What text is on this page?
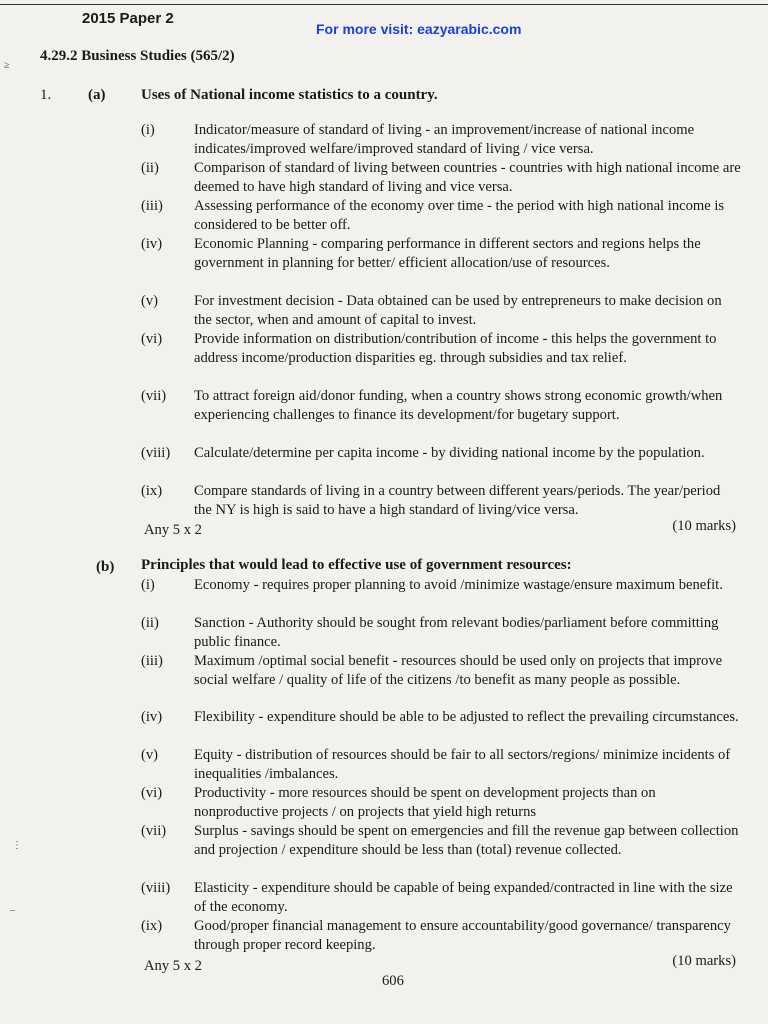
2015 Paper 2
For more visit: eazyarabic.com
4.29.2 Business Studies (565/2)
≥
⋮
–
1. (a) Uses of National income statistics to a country.
(i)	Indicator/measure of standard of living - an improvement/increase of national income indicates/improved welfare/improved standard of living / vice versa.
(ii)	Comparison of standard of living between countries - countries with high national income are deemed to have high standard of living and vice versa.
(iii)	Assessing performance of the economy over time - the period with high national income is considered to be better off.
(iv)	Economic Planning - comparing performance in different sectors and regions helps the government in planning for better/ efficient allocation/use of resources.
(v)	For investment decision - Data obtained can be used by entrepreneurs to make decision on the sector, when and amount of capital to invest.
(vi)	Provide information on distribution/contribution of income - this helps the government to address income/production disparities eg. through subsidies and tax relief.
(vii)	To attract foreign aid/donor funding, when a country shows strong economic growth/when experiencing challenges to finance its development/for bugetary support.
(viii)	Calculate/determine per capita income - by dividing national income by the population.
(ix)	Compare standards of living in a country between different years/periods. The year/period the NY is high is said to have a high standard of living/vice versa.
Any 5 x 2	(10 marks)
(b) Principles that would lead to effective use of government resources:
(i)	Economy - requires proper planning to avoid /minimize wastage/ensure maximum benefit.
(ii)	Sanction - Authority should be sought from relevant bodies/parliament before committing public finance.
(iii)	Maximum /optimal social benefit - resources should be used only on projects that improve social welfare / quality of life of the citizens /to benefit as many people as possible.
(iv)	Flexibility - expenditure should be able to be adjusted to reflect the prevailing circumstances.
(v)	Equity - distribution of resources should be fair to all sectors/regions/ minimize incidents of inequalities /imbalances.
(vi)	Productivity - more resources should be spent on development projects than on nonproductive projects / on projects that yield high returns
(vii)	Surplus - savings should be spent on emergencies and fill the revenue gap between collection and projection / expenditure should be less than (total) revenue collected.
(viii)	Elasticity - expenditure should be capable of being expanded/contracted in line with the size of the economy.
(ix)	Good/proper financial management to ensure accountability/good governance/ transparency through proper record keeping.
Any 5 x 2	(10 marks)
606
